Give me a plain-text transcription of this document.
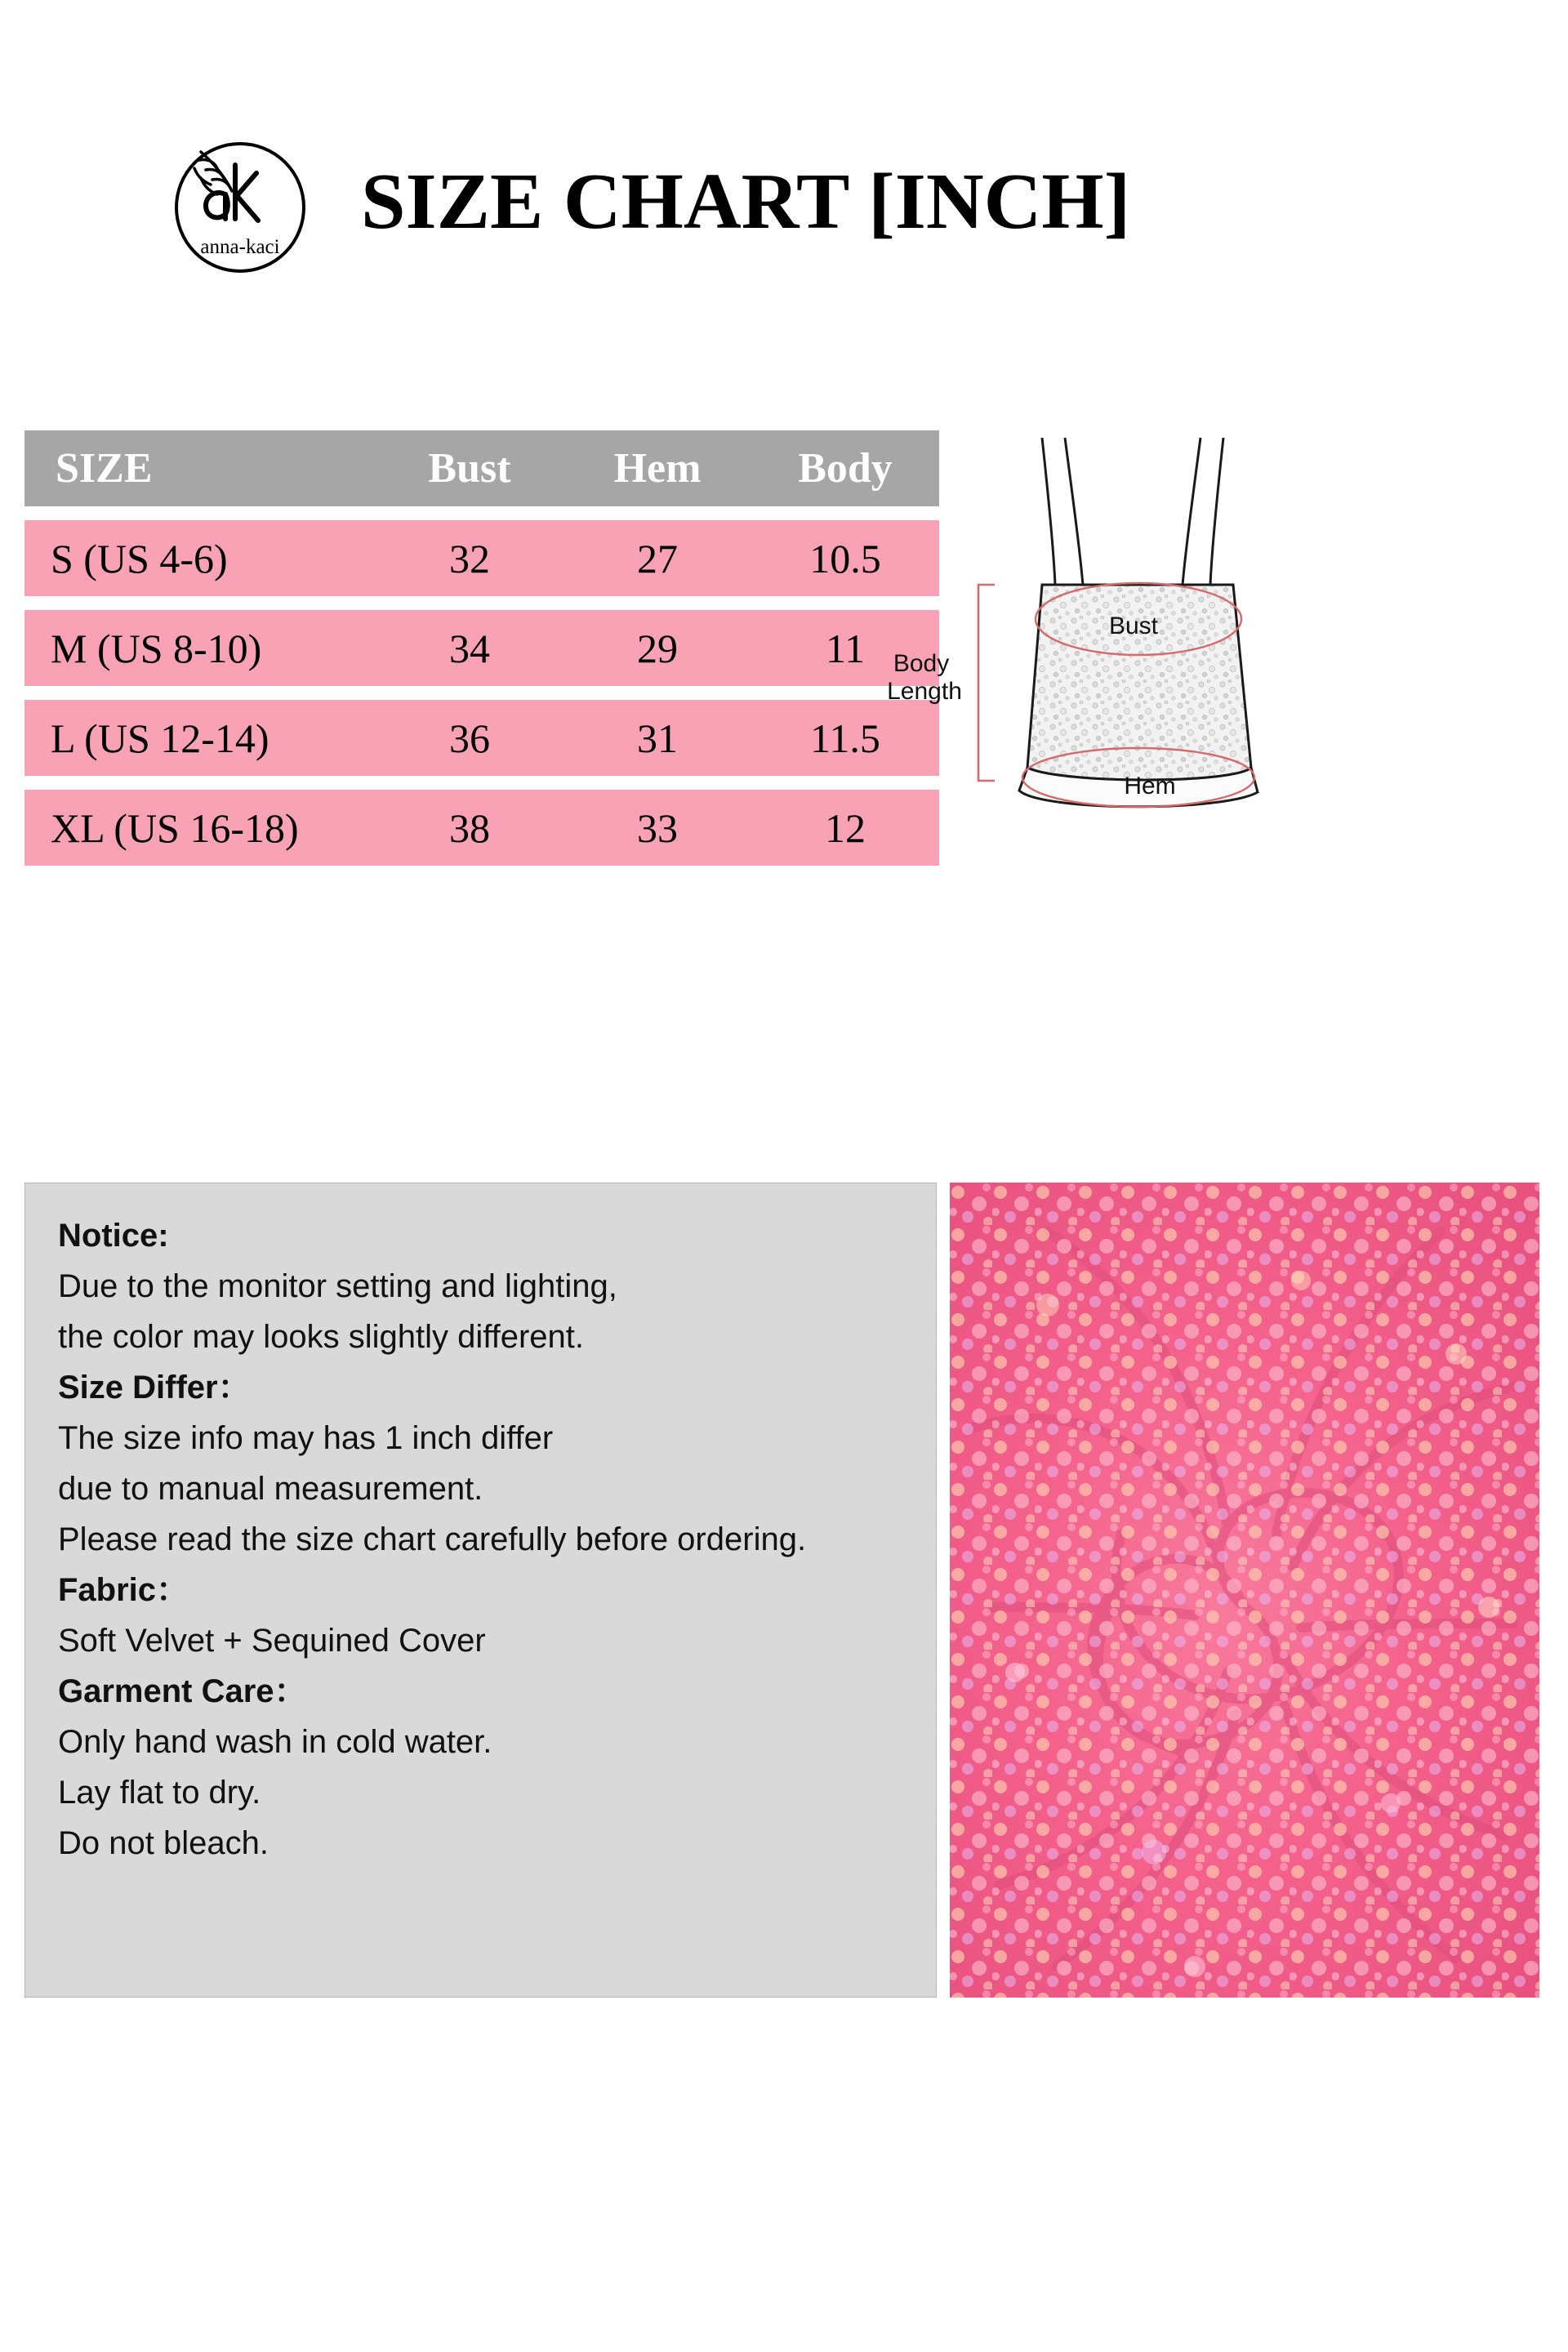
anna-kaci
SIZE CHART [INCH]
SIZE	Bust	Hem	Body
S (US 4-6)	32	27	10.5
M (US 8-10)	34	29	11
L (US 12-14)	36	31	11.5
XL (US 16-18)	38	33	12
Bust
Hem
Body
Length

Notice:

Due to the monitor setting and lighting,

the color may looks slightly different.

Size Differ：

The size info may has 1 inch differ

due to manual measurement.

Please read the size chart carefully before ordering.

Fabric：

Soft Velvet + Sequined Cover

Garment Care：

Only hand wash in cold water.

Lay flat to dry.

Do not bleach.
